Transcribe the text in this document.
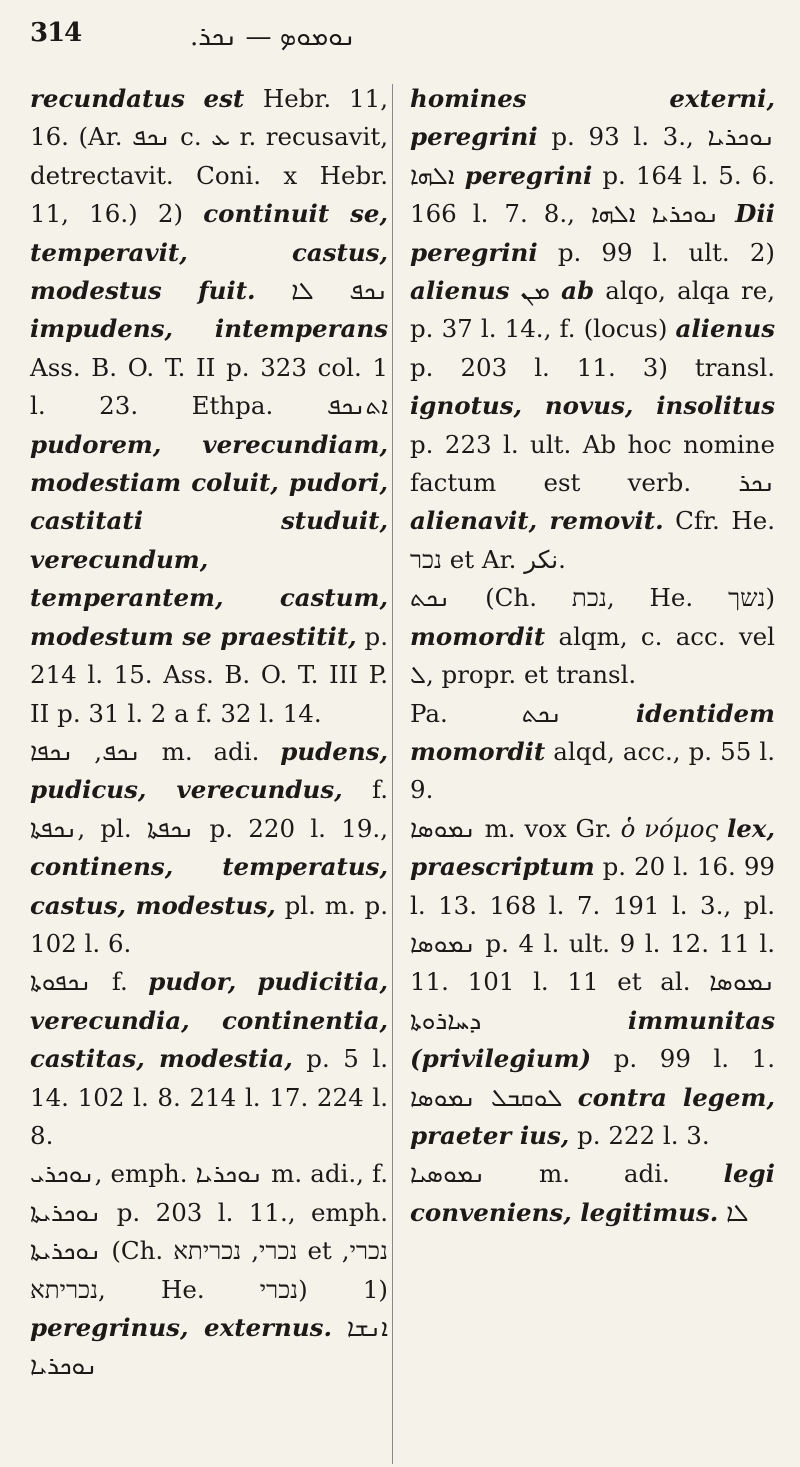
314	.ܢܘܡܘܤ — ܢܟܪ

recundatus est Hebr. 11, 16. (Ar. ܢܟܦ c. ܥ r. recusavit, detrectavit. Coni. x Hebr. 11, 16.) 2) continuit se, temperavit, castus, modestus fuit. ܢܟܦ ܠܐ impudens, intemperans Ass. B. O. T. II p. 323 col. 1 l. 23. Ethpa. ܐܬܢܟܦ pudorem, verecundiam, modestiam coluit, pudori, castitati studuit, verecundum, temperantem, castum, modestum se praestitit, p. 214 l. 15. Ass. B. O. T. III P. II p. 31 l. 2 a f. 32 l. 14.

ܢܟܦ, ܢܟܦܐ	m. adi. pudens, pudicus, verecundus, f. ܢܟܦܬܐ, pl. ܢܟܦܬܐ p. 220 l. 19., continens, temperatus, castus, modestus, pl. m. p. 102 l. 6.

ܢܟܦܘܬܐ f. pudor, pudicitia, verecundia, continentia, castitas, modestia, p. 5 l. 14. 102 l. 8. 214 l. 17. 224 l. 8.

ܢܘܟܪܝ, emph. ܢܘܟܪܝܐ m. adi., f. ܢܘܟܪܝܬܐ p. 203 l. 11., emph. ܢܘܟܪܝܬܐ (Ch. נכרי, נכריתא et נכרי, נכריתא, He. נכרי) 1) peregrinus, externus. ܐܢܫܐ ܢܘܟܪܝܐ

homines externi, peregrini p. 93 l. 3., ܢܘܟܪܝܐ ܐܠܗܐ peregrini p. 164 l. 5. 6. 166 l. 7. 8., ܢܘܟܪܝܐ ܐܠܗܐ Dii peregrini p. 99 l. ult. 2) alienus ܡܢ ab alqo, alqa re, p. 37 l. 14., f. (locus) alienus p. 203 l. 11. 3) transl. ignotus, novus, insolitus p. 223 l. ult. Ab hoc nomine factum est verb. ܢܟܪ alienavit, removit. Cfr. He. נכר et Ar. نكر.

ܢܟܬ (Ch. נכת, He. נשך) momordit alqm, c. acc. vel ܠ, propr. et transl.

Pa. ܢܟܬ	identidem momordit alqd, acc., p. 55 l. 9.

ܢܡܘܤܐ m. vox Gr. ὁ νόμος lex, praescriptum p. 20 l. 16. 99 l. 13. 168 l. 7. 191 l. 3., pl. ܢܡܘܤܐ p. 4 l. ult. 9 l. 12. 11 l. 11. 101 l. 11 et al. ܢܡܘܤܐ ܕܚܐܪܘܬܐ	immunitas (privilegium) p. 99 l. 1. ܠܘܩܒܠ ܢܡܘܤܐ contra legem, praeter ius, p. 222 l. 3.

ܢܡܘܤܝܐ m. adi. legi conveniens, legitimus. ܠܐ
